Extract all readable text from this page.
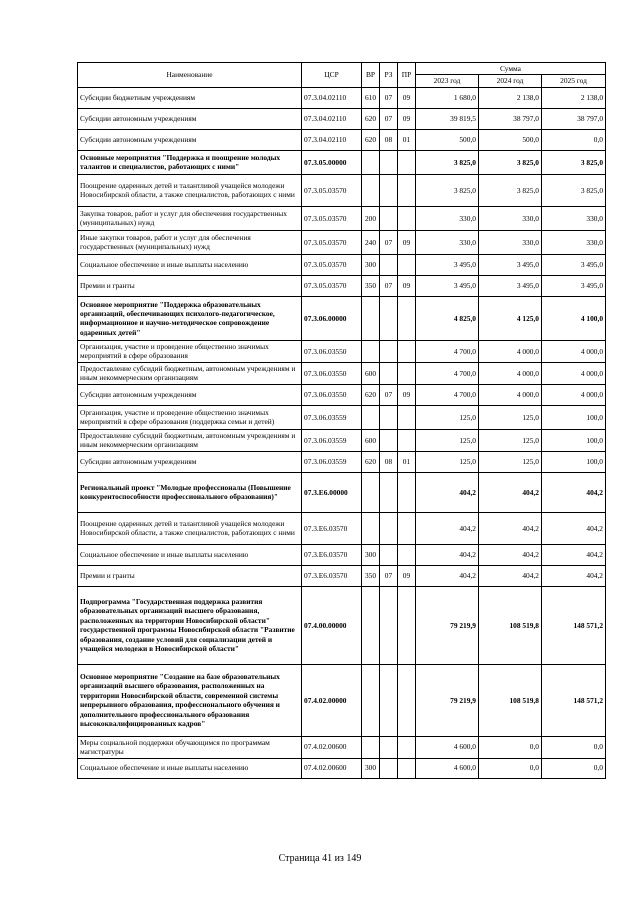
Наименование	ЦСР	ВР	РЗ	ПР	Сумма		
					2023 год	2024 год	2025 год
Субсидии бюджетным учреждениям	07.3.04.02110	610	07	09	1 680,0	2 138,0	2 138,0
Субсидии автономным учреждениям	07.3.04.02110	620	07	09	39 819,5	38 797,0	38 797,0
Субсидии автономным учреждениям	07.3.04.02110	620	08	01	500,0	500,0	0,0
Основные мероприятия "Поддержка и поощрение молодых талантов и специалистов, работающих с ними"	07.3.05.00000				3 825,0	3 825,0	3 825,0
Поощрение одаренных детей и талантливой учащейся молодежи Новосибирской области, а также специалистов, работающих с ними	07.3.05.03570				3 825,0	3 825,0	3 825,0
Закупка товаров, работ и услуг для обеспечения государственных (муниципальных) нужд	07.3.05.03570	200			330,0	330,0	330,0
Иные закупки товаров, работ и услуг для обеспечения государственных (муниципальных) нужд	07.3.05.03570	240	07	09	330,0	330,0	330,0
Социальное обеспечение и иные выплаты населению	07.3.05.03570	300			3 495,0	3 495,0	3 495,0
Премии и гранты	07.3.05.03570	350	07	09	3 495,0	3 495,0	3 495,0
Основное мероприятие "Поддержка образовательных организаций, обеспечивающих психолого-педагогическое, информационное и научно-методическое сопровождение одаренных детей"	07.3.06.00000				4 825,0	4 125,0	4 100,0
Организация, участие и проведение общественно значимых мероприятий в сфере образования	07.3.06.03550				4 700,0	4 000,0	4 000,0
Предоставление субсидий бюджетным, автономным учреждениям и иным некоммерческим организациям	07.3.06.03550	600			4 700,0	4 000,0	4 000,0
Субсидии автономным учреждениям	07.3.06.03550	620	07	09	4 700,0	4 000,0	4 000,0
Организация, участие и проведение общественно значимых мероприятий в сфере образования (поддержка семьи и детей)	07.3.06.03559				125,0	125,0	100,0
Предоставление субсидий бюджетным, автономным учреждениям и иным некоммерческим организациям	07.3.06.03559	600			125,0	125,0	100,0
Субсидии автономным учреждениям	07.3.06.03559	620	08	01	125,0	125,0	100,0
Региональный проект "Молодые профессионалы (Повышение конкурентоспособности профессионального образования)"	07.3.Е6.00000				404,2	404,2	404,2
Поощрение одаренных детей и талантливой учащейся молодежи Новосибирской области, а также специалистов, работающих с ними	07.3.Е6.03570				404,2	404,2	404,2
Социальное обеспечение и иные выплаты населению	07.3.Е6.03570	300			404,2	404,2	404,2
Премии и гранты	07.3.Е6.03570	350	07	09	404,2	404,2	404,2
Подпрограмма "Государственная поддержка развития образовательных организаций высшего образования, расположенных на территории Новосибирской области" государственной программы Новосибирской области "Развитие образования, создание условий для социализации детей и учащейся молодежи в Новосибирской области"	07.4.00.00000				79 219,9	108 519,8	148 571,2
Основное мероприятие "Создание на базе образовательных организаций высшего образования, расположенных на территории Новосибирской области, современной системы непрерывного образования, профессионального обучения и дополнительного профессионального образования высококвалифицированных кадров"	07.4.02.00000				79 219,9	108 519,8	148 571,2
Меры социальной поддержки обучающимся по программам магистратуры	07.4.02.00600				4 600,0	0,0	0,0
Социальное обеспечение и иные выплаты населению	07.4.02.00600	300			4 600,0	0,0	0,0
Страница 41 из 149
